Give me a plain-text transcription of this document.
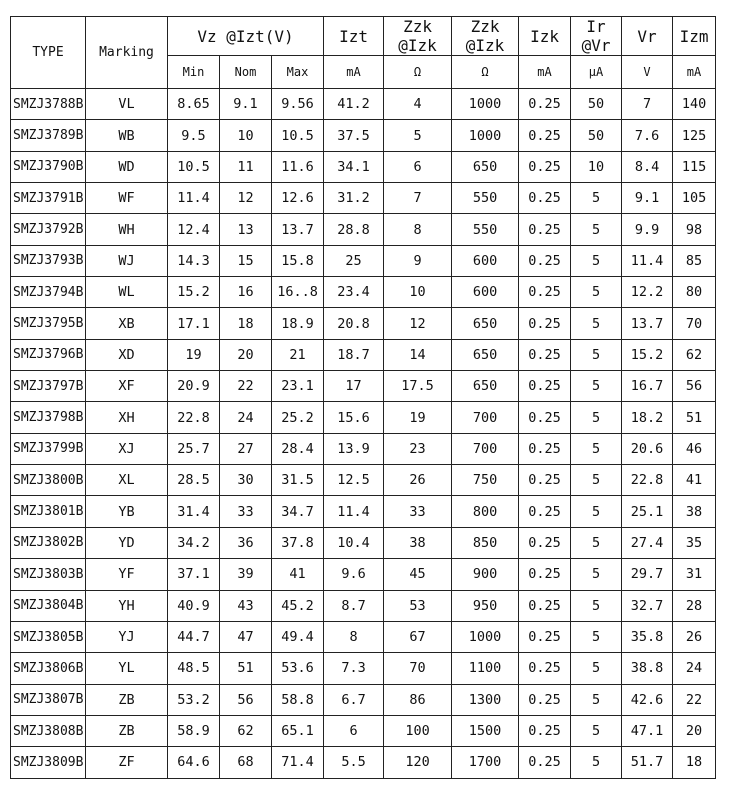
TYPE	Marking	Vz @Izt(V)			Izt	Zzk @Izk	Zzk @Izk	Izk	Ir @Vr	Vr	Izm
		Min	Nom	Max	mA	Ω	Ω	mA	μA	V	mA
SMZJ3788B	VL	8.65	9.1	9.56	41.2	4	1000	0.25	50	7	140
SMZJ3789B	WB	9.5	10	10.5	37.5	5	1000	0.25	50	7.6	125
SMZJ3790B	WD	10.5	11	11.6	34.1	6	650	0.25	10	8.4	115
SMZJ3791B	WF	11.4	12	12.6	31.2	7	550	0.25	5	9.1	105
SMZJ3792B	WH	12.4	13	13.7	28.8	8	550	0.25	5	9.9	98
SMZJ3793B	WJ	14.3	15	15.8	25	9	600	0.25	5	11.4	85
SMZJ3794B	WL	15.2	16	16..8	23.4	10	600	0.25	5	12.2	80
SMZJ3795B	XB	17.1	18	18.9	20.8	12	650	0.25	5	13.7	70
SMZJ3796B	XD	19	20	21	18.7	14	650	0.25	5	15.2	62
SMZJ3797B	XF	20.9	22	23.1	17	17.5	650	0.25	5	16.7	56
SMZJ3798B	XH	22.8	24	25.2	15.6	19	700	0.25	5	18.2	51
SMZJ3799B	XJ	25.7	27	28.4	13.9	23	700	0.25	5	20.6	46
SMZJ3800B	XL	28.5	30	31.5	12.5	26	750	0.25	5	22.8	41
SMZJ3801B	YB	31.4	33	34.7	11.4	33	800	0.25	5	25.1	38
SMZJ3802B	YD	34.2	36	37.8	10.4	38	850	0.25	5	27.4	35
SMZJ3803B	YF	37.1	39	41	9.6	45	900	0.25	5	29.7	31
SMZJ3804B	YH	40.9	43	45.2	8.7	53	950	0.25	5	32.7	28
SMZJ3805B	YJ	44.7	47	49.4	8	67	1000	0.25	5	35.8	26
SMZJ3806B	YL	48.5	51	53.6	7.3	70	1100	0.25	5	38.8	24
SMZJ3807B	ZB	53.2	56	58.8	6.7	86	1300	0.25	5	42.6	22
SMZJ3808B	ZB	58.9	62	65.1	6	100	1500	0.25	5	47.1	20
SMZJ3809B	ZF	64.6	68	71.4	5.5	120	1700	0.25	5	51.7	18
